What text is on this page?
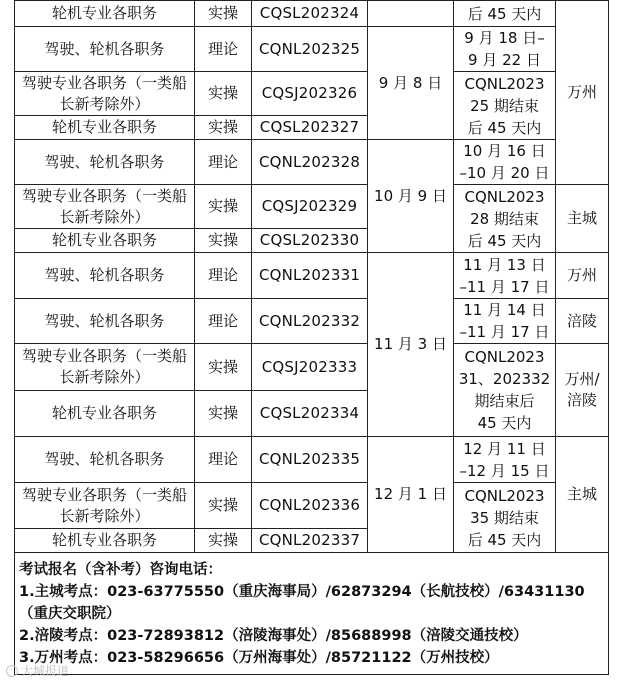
轮机专业各职务	实操	CQSL202324		后 45 天内	万州
驾驶、轮机各职务	理论	CQNL202325	9 月 8 日	9 月 18 日–
9 月 22 日	
驾驶专业各职务（一类船长新考除外）	实操	CQSJ202326		CQNL2023
25 期结束
后 45 天内	
轮机专业各职务	实操	CQSL202327			
驾驶、轮机各职务	理论	CQNL202328	10 月 9 日	10 月 16 日
–10 月 20 日	
驾驶专业各职务（一类船长新考除外）	实操	CQSJ202329		CQNL2023
28 期结束
后 45 天内	主城
轮机专业各职务	实操	CQSL202330			
驾驶、轮机各职务	理论	CQNL202331	11 月 3 日	11 月 13 日
–11 月 17 日	万州
驾驶、轮机各职务	理论	CQNL202332		11 月 14 日
–11 月 17 日	涪陵
驾驶专业各职务（一类船长新考除外）	实操	CQSJ202333		CQNL2023
31、202332
期结束后
45 天内	万州/
涪陵
轮机专业各职务	实操	CQSL202334			
驾驶、轮机各职务	理论	CQNL202335	12 月 1 日	12 月 11 日
–12 月 15 日	主城
驾驶专业各职务（一类船长新考除外）	实操	CQNL202336		CQNL2023
35 期结束
后 45 天内	
轮机专业各职务	实操	CQNL202337			

考试报名（含补考）咨询电话：
1.主城考点：023-63775550（重庆海事局）/62873294（长航技校）/63431130（重庆交职院）
2.涪陵考点：023-72893812（涪陵海事处）/85688998（涪陵交通技校）
3.万州考点：023-58296656（万州海事处）/85721122（万州技校）					
大城报道
